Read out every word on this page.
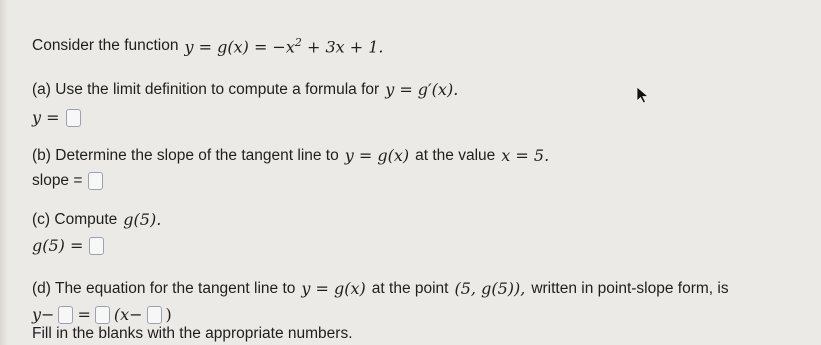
Consider the function $y = g(x) = -x^2 + 3x + 1$.
(a) Use the limit definition to compute a formula for y = g′(x).
y =
(b) Determine the slope of the tangent line to y = g(x) at the value x = 5.
slope =
(c) Compute g(5).
g(5) =
(d) The equation for the tangent line to y = g(x) at the point (5, g(5)), written in point-slope form, is
y− = (x− )
Fill in the blanks with the appropriate numbers.
